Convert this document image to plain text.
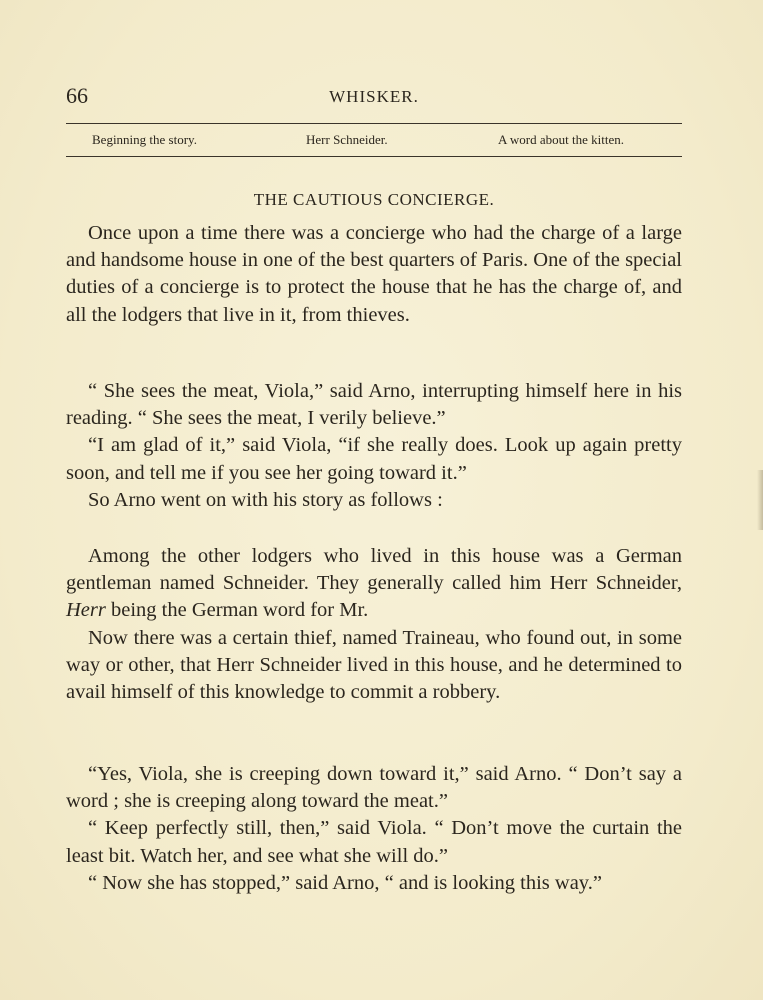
66	WHISKER.
Beginning the story.	Herr Schneider.	A word about the kitten.
THE CAUTIOUS CONCIERGE.

Once upon a time there was a concierge who had the charge of a large and handsome house in one of the best quarters of Paris. One of the special duties of a concierge is to protect the house that he has the charge of, and all the lodgers that live in it, from thieves.

“ She sees the meat, Viola,” said Arno, interrupting himself here in his reading. “ She sees the meat, I verily believe.”

“I am glad of it,” said Viola, “if she really does. Look up again pretty soon, and tell me if you see her going toward it.”

So Arno went on with his story as follows :

Among the other lodgers who lived in this house was a German gentleman named Schneider. They generally called him Herr Schneider, Herr being the German word for Mr.

Now there was a certain thief, named Traineau, who found out, in some way or other, that Herr Schneider lived in this house, and he determined to avail himself of this knowledge to commit a robbery.

“Yes, Viola, she is creeping down toward it,” said Arno. “ Don’t say a word ; she is creeping along toward the meat.”

“ Keep perfectly still, then,” said Viola. “ Don’t move the curtain the least bit. Watch her, and see what she will do.”

“ Now she has stopped,” said Arno, “ and is looking this way.”
